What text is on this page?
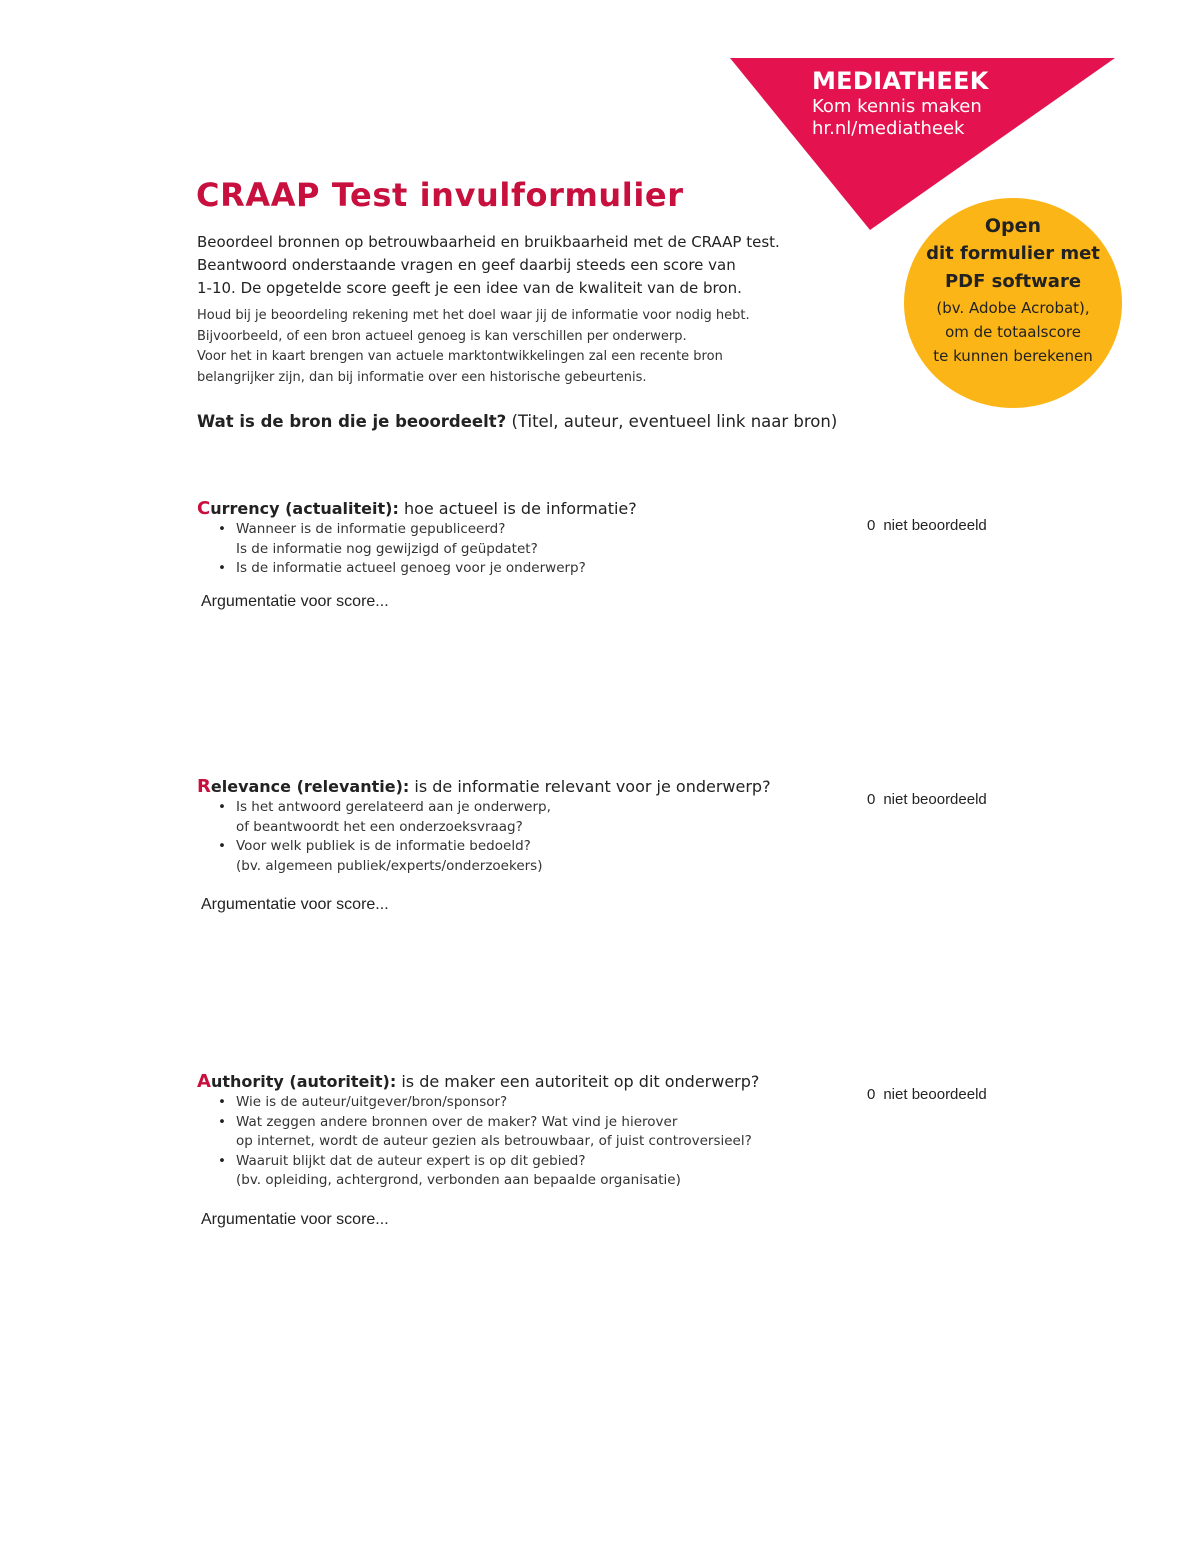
MEDIATHEEK
Kom kennis maken
hr.nl/mediatheek
Open
dit formulier met
PDF software
(bv. Adobe Acrobat),
om de totaalscore
te kunnen berekenen
CRAAP Test invulformulier
Beoordeel bronnen op betrouwbaarheid en bruikbaarheid met de CRAAP test.
Beantwoord onderstaande vragen en geef daarbij steeds een score van
1-10. De opgetelde score geeft je een idee van de kwaliteit van de bron.
Houd bij je beoordeling rekening met het doel waar jij de informatie voor nodig hebt.
Bijvoorbeeld, of een bron actueel genoeg is kan verschillen per onderwerp.
Voor het in kaart brengen van actuele marktontwikkelingen zal een recente bron
belangrijker zijn, dan bij informatie over een historische gebeurtenis.
Wat is de bron die je beoordeelt? (Titel, auteur, eventueel link naar bron)
Currency (actualiteit): hoe actueel is de informatie?
• Wanneer is de informatie gepubliceerd?
Is de informatie nog gewijzigd of geüpdatet?
• Is de informatie actueel genoeg voor je onderwerp?
Argumentatie voor score...
0 niet beoordeeld
Relevance (relevantie): is de informatie relevant voor je onderwerp?
• Is het antwoord gerelateerd aan je onderwerp,
of beantwoordt het een onderzoeksvraag?
• Voor welk publiek is de informatie bedoeld?
(bv. algemeen publiek/experts/onderzoekers)
Argumentatie voor score...
0 niet beoordeeld
Authority (autoriteit): is de maker een autoriteit op dit onderwerp?
• Wie is de auteur/uitgever/bron/sponsor?
• Wat zeggen andere bronnen over de maker? Wat vind je hierover
op internet, wordt de auteur gezien als betrouwbaar, of juist controversieel?
• Waaruit blijkt dat de auteur expert is op dit gebied?
(bv. opleiding, achtergrond, verbonden aan bepaalde organisatie)
Argumentatie voor score...
0 niet beoordeeld
